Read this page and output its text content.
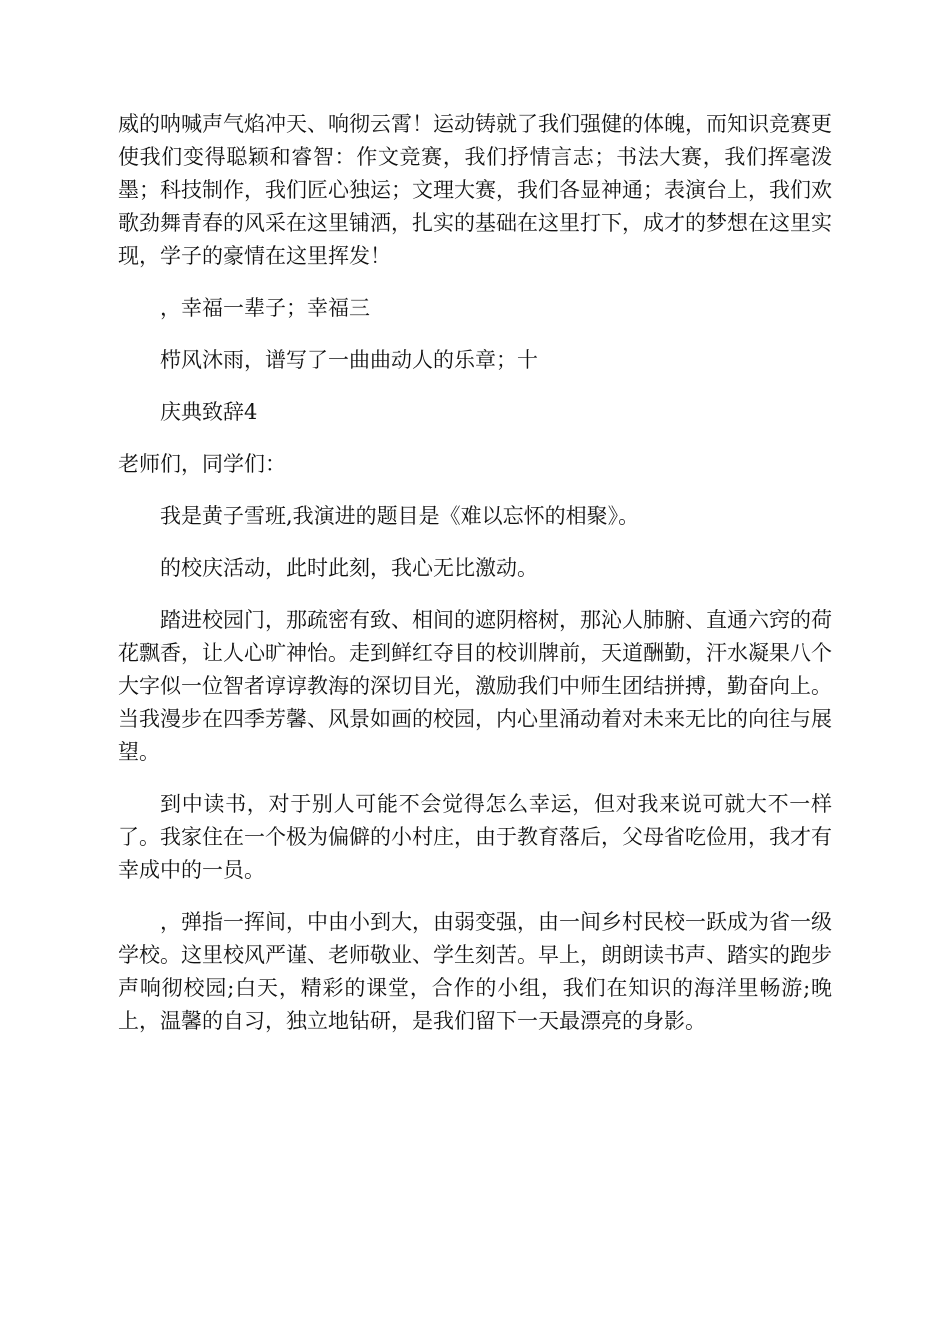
威的呐喊声气焰冲天、响彻云霄！运动铸就了我们强健的体魄，而知识竞赛更使我们变得聪颖和睿智：作文竞赛，我们抒情言志；书法大赛，我们挥毫泼墨；科技制作，我们匠心独运；文理大赛，我们各显神通；表演台上，我们欢歌劲舞青春的风采在这里铺洒，扎实的基础在这里打下，成才的梦想在这里实现，学子的豪情在这里挥发！

，幸福一辈子；幸福三

栉风沐雨，谱写了一曲曲动人的乐章；十

庆典致辞4

老师们，同学们：

我是黄子雪班,我演进的题目是《难以忘怀的相聚》。

的校庆活动，此时此刻，我心无比激动。

踏进校园门，那疏密有致、相间的遮阴榕树，那沁人肺腑、直通六窍的荷花飘香，让人心旷神怡。走到鲜红夺目的校训牌前，天道酬勤，汗水凝果八个大字似一位智者谆谆教海的深切目光，激励我们中师生团结拼搏，勤奋向上。当我漫步在四季芳馨、风景如画的校园，内心里涌动着对未来无比的向往与展望。

到中读书，对于别人可能不会觉得怎么幸运，但对我来说可就大不一样了。我家住在一个极为偏僻的小村庄，由于教育落后，父母省吃俭用，我才有幸成中的一员。

，弹指一挥间，中由小到大，由弱变强，由一间乡村民校一跃成为省一级学校。这里校风严谨、老师敬业、学生刻苦。早上，朗朗读书声、踏实的跑步声响彻校园;白天，精彩的课堂，合作的小组，我们在知识的海洋里畅游;晚上，温馨的自习，独立地钻研，是我们留下一天最漂亮的身影。
